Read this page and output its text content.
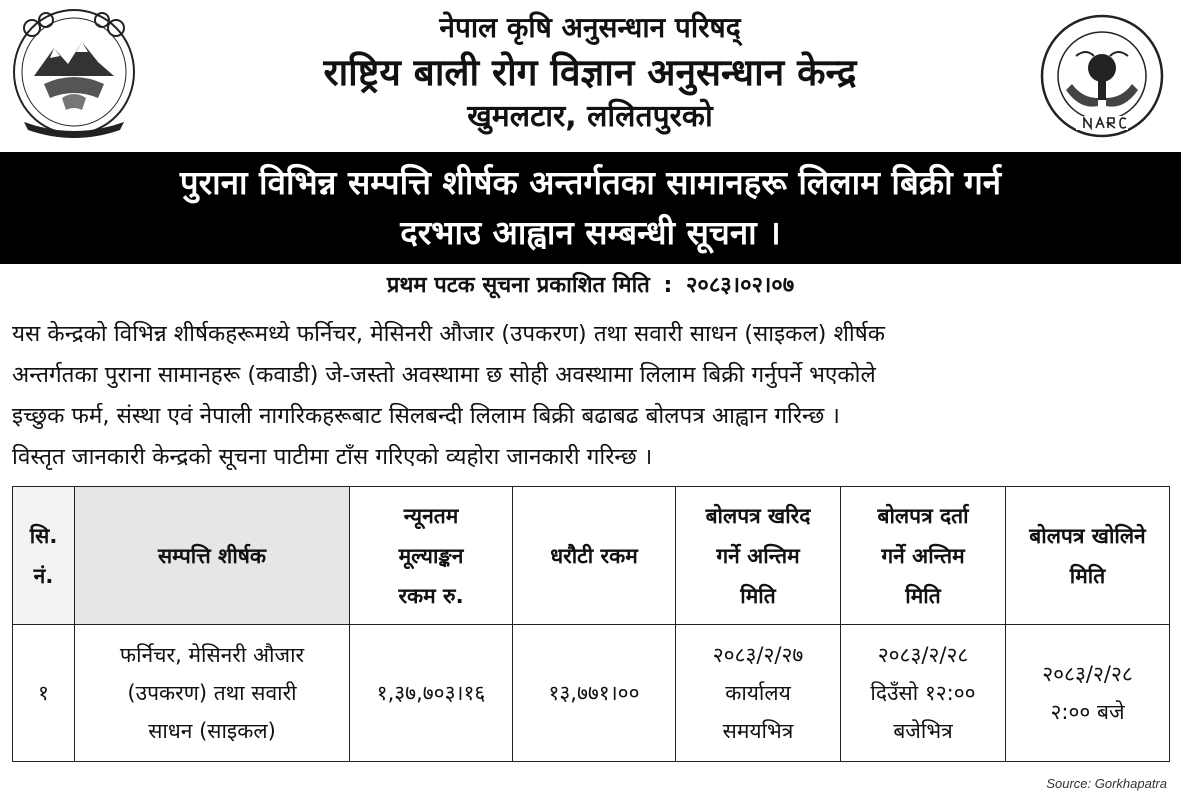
नेपाल कृषि अनुसन्धान परिषद्
राष्ट्रिय बाली रोग विज्ञान अनुसन्धान केन्द्र
खुमलटार, ललितपुरको
पुराना विभिन्न सम्पत्ति शीर्षक अन्तर्गतका सामानहरू लिलाम बिक्री गर्न
दरभाउ आह्वान सम्बन्धी सूचना ।
प्रथम पटक सूचना प्रकाशित मिति : २०८३।०२।०७

यस केन्द्रको विभिन्न शीर्षकहरूमध्ये फर्निचर, मेसिनरी औजार (उपकरण) तथा सवारी साधन (साइकल) शीर्षक

अन्तर्गतका पुराना सामानहरू (कवाडी) जे-जस्तो अवस्थामा छ सोही अवस्थामा लिलाम बिक्री गर्नुपर्ने भएकोले

इच्छुक फर्म, संस्था एवं नेपाली नागरिकहरूबाट सिलबन्दी लिलाम बिक्री बढाबढ बोलपत्र आह्वान गरिन्छ ।

विस्तृत जानकारी केन्द्रको सूचना पाटीमा टाँस गरिएको व्यहोरा जानकारी गरिन्छ ।

सि.
नं.	सम्पत्ति शीर्षक	न्यूनतम
मूल्याङ्कन
रकम रु.	धरौटी रकम	बोलपत्र खरिद
गर्ने अन्तिम
मिति	बोलपत्र दर्ता
गर्ने अन्तिम
मिति	बोलपत्र खोलिने
मिति

१	फर्निचर, मेसिनरी औजार
(उपकरण) तथा सवारी
साधन (साइकल)	१,३७,७०३।१६	१३,७७१।००	२०८३/२/२७
कार्यालय
समयभित्र	२०८३/२/२८
दिउँसो १२:००
बजेभित्र	२०८३/२/२८
२:०० बजे
Source: Gorkhapatra
